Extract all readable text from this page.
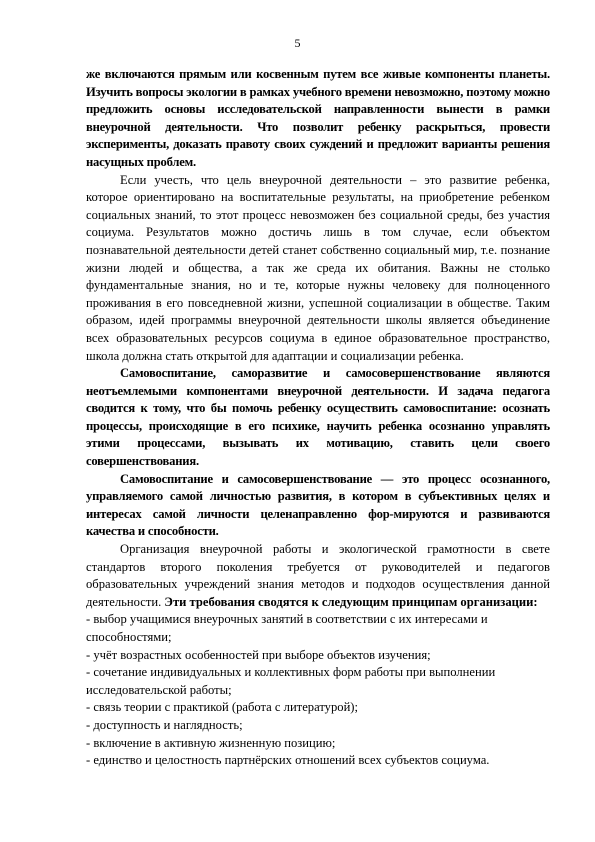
5

же включаются прямым или косвенным путем все живые компоненты планеты. Изучить вопросы экологии в рамках учебного времени невозможно, поэтому можно предложить основы исследовательской направленности вынести в рамки внеурочной деятельности. Что позволит ребенку раскрыться, провести эксперименты, доказать правоту своих суждений и предложит варианты решения насущных проблем.

Если учесть, что цель внеурочной деятельности – это развитие ребенка, которое ориентировано на воспитательные результаты, на приобретение ребенком социальных знаний, то этот процесс невозможен без социальной среды, без участия социума. Результатов можно достичь лишь в том случае, если объектом познавательной деятельности детей станет собственно социальный мир, т.е. познание жизни людей и общества, а так же среда их обитания. Важны не столько фундаментальные знания, но и те, которые нужны человеку для полноценного проживания в его повседневной жизни, успешной социализации в обществе. Таким образом, идей программы внеурочной деятельности школы является объединение всех образовательных ресурсов социума в единое образовательное пространство, школа должна стать открытой для адаптации и социализации ребенка.

Самовоспитание, саморазвитие и самосовершенствование являются неотъемлемыми компонентами внеурочной деятельности. И задача педагога сводится к тому, что бы помочь ребенку осуществить самовоспитание: осознать процессы, происходящие в его психике, научить ребенка осознанно управлять этими процессами, вызывать их мотивацию, ставить цели своего совершенствования.

Самовоспитание и самосовершенствование — это процесс осознанного, управляемого самой личностью развития, в котором в субъективных целях и интересах самой личности целенаправленно фор-мируются и развиваются качества и способности.

Организация внеурочной работы и экологической грамотности в свете стандартов второго поколения требуется от руководителей и педагогов образовательных учреждений знания методов и подходов осуществления данной деятельности. Эти требования сводятся к следующим принципам организации:

- выбор учащимися внеурочных занятий в соответствии с их интересами и способностями;
- учёт возрастных особенностей при выборе объектов изучения;
- сочетание индивидуальных и коллективных форм работы при выполнении исследовательской работы;
- связь теории с практикой (работа с литературой);
- доступность и наглядность;
- включение в активную жизненную позицию;
- единство и целостность партнёрских отношений всех субъектов социума.
